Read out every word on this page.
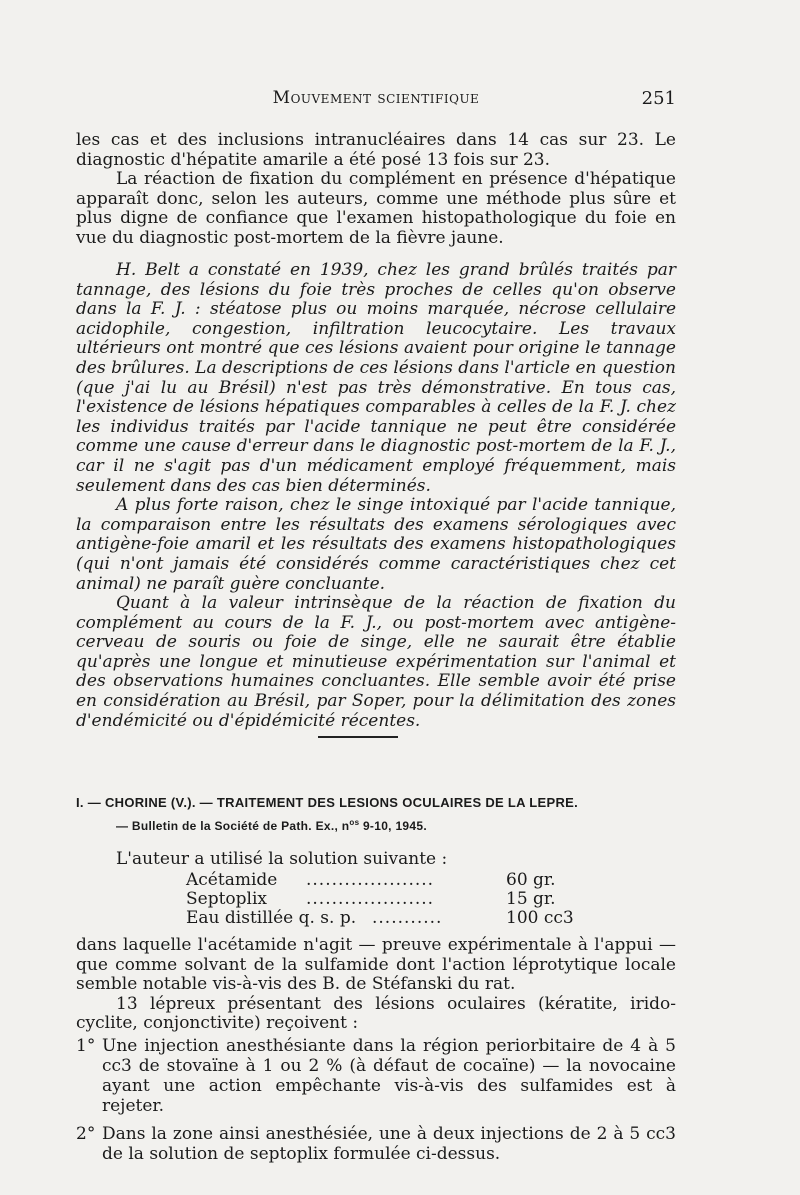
Mouvement scientifique	251

les cas et des inclusions intranucléaires dans 14 cas sur 23. Le diagnostic d'hépatite amarile a été posé 13 fois sur 23.

La réaction de fixation du complément en présence d'hépatique apparaît donc, selon les auteurs, comme une méthode plus sûre et plus digne de confiance que l'examen histopathologique du foie en vue du diagnostic post-mortem de la fièvre jaune.

H. Belt a constaté en 1939, chez les grand brûlés traités par tannage, des lésions du foie très proches de celles qu'on observe dans la F. J. : stéatose plus ou moins marquée, nécrose cellulaire acidophile, congestion, infiltration leucocytaire. Les travaux ultérieurs ont montré que ces lésions avaient pour origine le tannage des brûlures. La descriptions de ces lésions dans l'article en question (que j'ai lu au Brésil) n'est pas très démonstrative. En tous cas, l'existence de lésions hépatiques comparables à celles de la F. J. chez les individus traités par l'acide tannique ne peut être considérée comme une cause d'erreur dans le diagnostic post-mortem de la F. J., car il ne s'agit pas d'un médicament employé fréquemment, mais seulement dans des cas bien déterminés.

A plus forte raison, chez le singe intoxiqué par l'acide tannique, la comparaison entre les résultats des examens sérologiques avec antigène-foie amaril et les résultats des examens histopathologiques (qui n'ont jamais été considérés comme caractéristiques chez cet animal) ne paraît guère concluante.

Quant à la valeur intrinsèque de la réaction de fixation du complément au cours de la F. J., ou post-mortem avec antigène-cerveau de souris ou foie de singe, elle ne saurait être établie qu'après une longue et minutieuse expérimentation sur l'animal et des observations humaines concluantes. Elle semble avoir été prise en considération au Brésil, par Soper, pour la délimitation des zones d'endémicité ou d'épidémicité récentes.

I. — CHORINE (V.). — TRAITEMENT DES LESIONS OCULAIRES DE LA LEPRE.
— Bulletin de la Société de Path. Ex., $n^{os}$ 9-10, 1945.

L'auteur a utilisé la solution suivante :

Acétamide ....................	60 gr.
Septoplix ....................	15 gr.
Eau distillée q. s. p. ...........	100 cc3

dans laquelle l'acétamide n'agit — preuve expérimentale à l'appui — que comme solvant de la sulfamide dont l'action léprotytique locale semble notable vis-à-vis des B. de Stéfanski du rat.

13 lépreux présentant des lésions oculaires (kératite, irido-cyclite, conjonctivite) reçoivent :

1° Une injection anesthésiante dans la région periorbitaire de 4 à 5 cc3 de stovaïne à 1 ou 2 % (à défaut de cocaïne) — la novocaine ayant une action empêchante vis-à-vis des sulfamides est à rejeter.
2° Dans la zone ainsi anesthésiée, une à deux injections de 2 à 5 cc3 de la solution de septoplix formulée ci-dessus.
